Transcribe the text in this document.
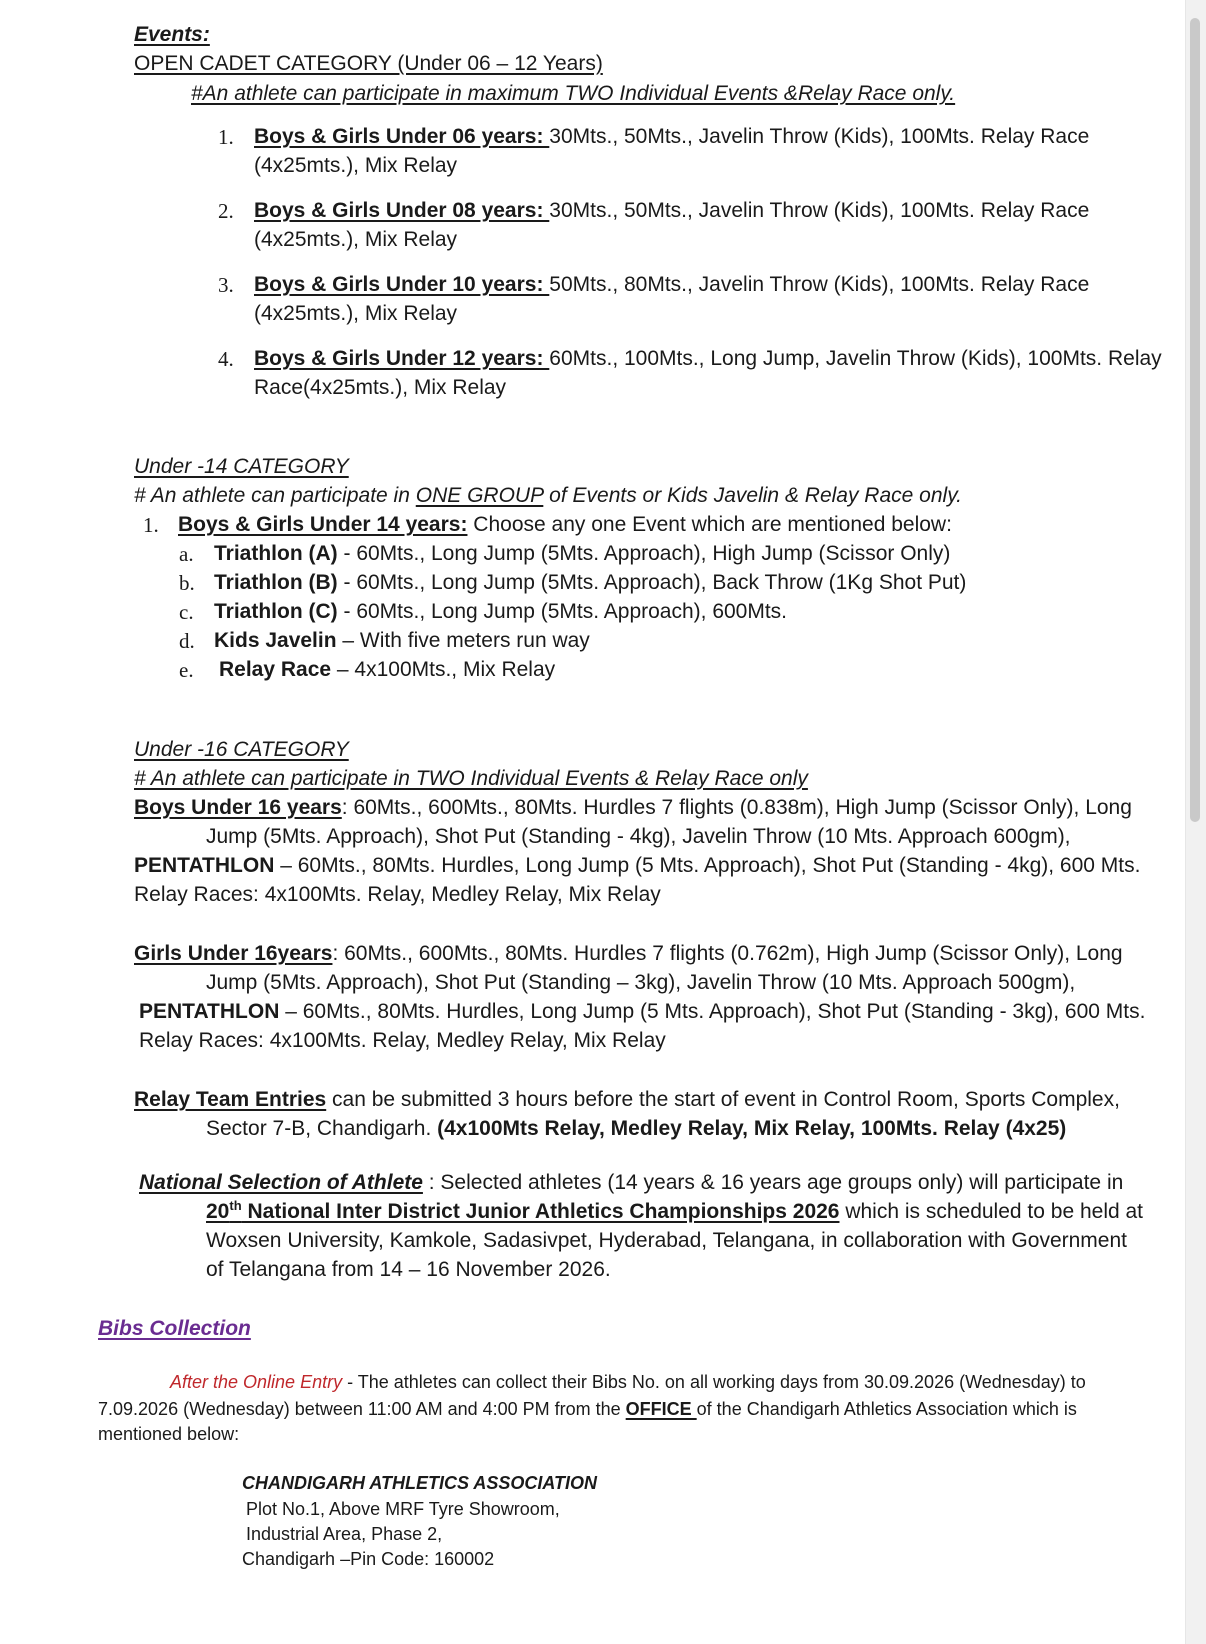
Events:
OPEN CADET CATEGORY (Under 06 – 12 Years)
#An athlete can participate in maximum TWO Individual Events &Relay Race only.
1. Boys & Girls Under 06 years: 30Mts., 50Mts., Javelin Throw (Kids), 100Mts. Relay Race
(4x25mts.), Mix Relay
2. Boys & Girls Under 08 years: 30Mts., 50Mts., Javelin Throw (Kids), 100Mts. Relay Race
(4x25mts.), Mix Relay
3. Boys & Girls Under 10 years: 50Mts., 80Mts., Javelin Throw (Kids), 100Mts. Relay Race
(4x25mts.), Mix Relay
4. Boys & Girls Under 12 years: 60Mts., 100Mts., Long Jump, Javelin Throw (Kids), 100Mts. Relay
Race(4x25mts.), Mix Relay
Under -14 CATEGORY
# An athlete can participate in ONE GROUP of Events or Kids Javelin & Relay Race only.
1. Boys & Girls Under 14 years: Choose any one Event which are mentioned below:
a. Triathlon (A) - 60Mts., Long Jump (5Mts. Approach), High Jump (Scissor Only)
b. Triathlon (B) - 60Mts., Long Jump (5Mts. Approach), Back Throw (1Kg Shot Put)
c. Triathlon (C) - 60Mts., Long Jump (5Mts. Approach), 600Mts.
d. Kids Javelin – With five meters run way
e. Relay Race – 4x100Mts., Mix Relay
Under -16 CATEGORY
# An athlete can participate in TWO Individual Events & Relay Race only
Boys Under 16 years: 60Mts., 600Mts., 80Mts. Hurdles 7 flights (0.838m), High Jump (Scissor Only), Long
Jump (5Mts. Approach), Shot Put (Standing - 4kg), Javelin Throw (10 Mts. Approach 600gm),
PENTATHLON – 60Mts., 80Mts. Hurdles, Long Jump (5 Mts. Approach), Shot Put (Standing - 4kg), 600 Mts.
Relay Races: 4x100Mts. Relay, Medley Relay, Mix Relay
Girls Under 16years: 60Mts., 600Mts., 80Mts. Hurdles 7 flights (0.762m), High Jump (Scissor Only), Long
Jump (5Mts. Approach), Shot Put (Standing – 3kg), Javelin Throw (10 Mts. Approach 500gm),
PENTATHLON – 60Mts., 80Mts. Hurdles, Long Jump (5 Mts. Approach), Shot Put (Standing - 3kg), 600 Mts.
Relay Races: 4x100Mts. Relay, Medley Relay, Mix Relay
Relay Team Entries can be submitted 3 hours before the start of event in Control Room, Sports Complex,
Sector 7-B, Chandigarh. (4x100Mts Relay, Medley Relay, Mix Relay, 100Mts. Relay (4x25)
National Selection of Athlete : Selected athletes (14 years & 16 years age groups only) will participate in
20th National Inter District Junior Athletics Championships 2026 which is scheduled to be held at
Woxsen University, Kamkole, Sadasivpet, Hyderabad, Telangana, in collaboration with Government
of Telangana from 14 – 16 November 2026.
Bibs Collection
After the Online Entry - The athletes can collect their Bibs No. on all working days from 30.09.2026 (Wednesday) to
7.09.2026 (Wednesday) between 11:00 AM and 4:00 PM from the OFFICE of the Chandigarh Athletics Association which is
mentioned below:
CHANDIGARH ATHLETICS ASSOCIATION
Plot No.1, Above MRF Tyre Showroom,
Industrial Area, Phase 2,
Chandigarh –Pin Code: 160002
